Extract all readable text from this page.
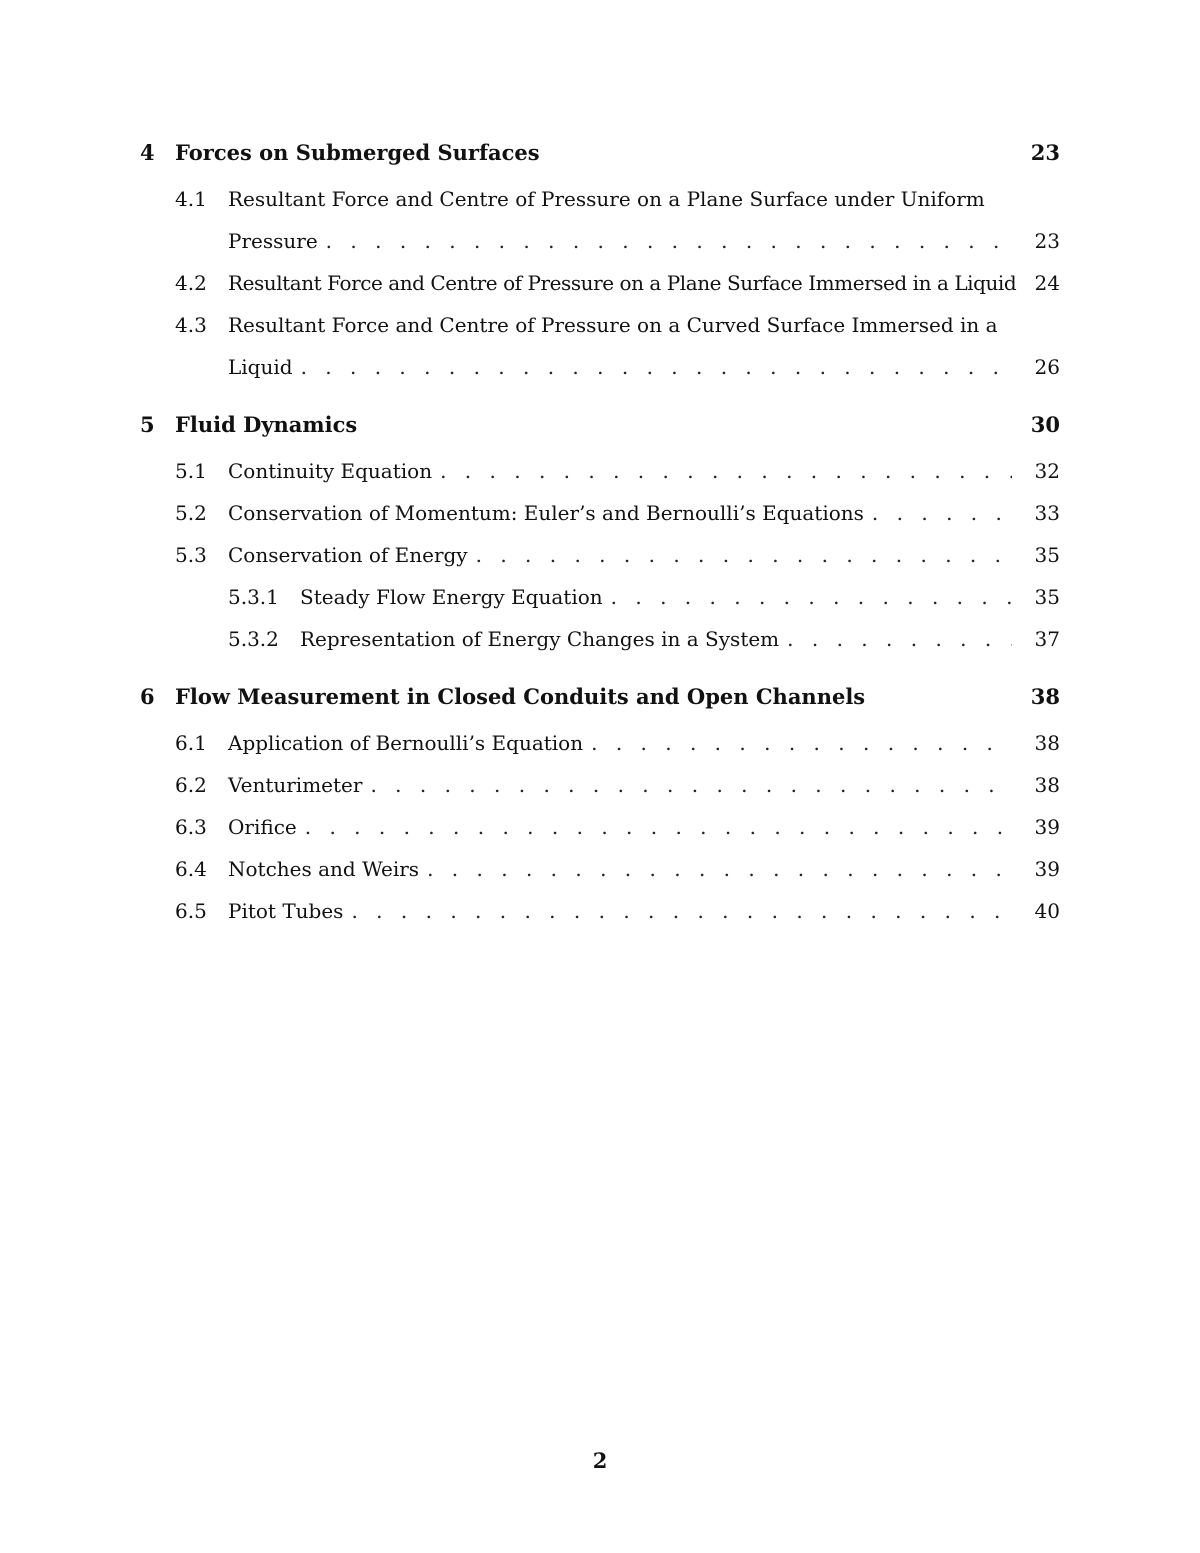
4 Forces on Submerged Surfaces	23
4.1	Resultant Force and Centre of Pressure on a Plane Surface under Uniform
Pressure . . .	23
4.2	Resultant Force and Centre of Pressure on a Plane Surface Immersed in a Liquid 24
4.3	Resultant Force and Centre of Pressure on a Curved Surface Immersed in a
Liquid . . .	26
5 Fluid Dynamics	30
5.1	Continuity Equation . . .	32
5.2	Conservation of Momentum: Euler’s and Bernoulli’s Equations . . .	33
5.3	Conservation of Energy . . .	35
5.3.1	Steady Flow Energy Equation . . .	35
5.3.2	Representation of Energy Changes in a System . . .	37
6 Flow Measurement in Closed Conduits and Open Channels	38
6.1	Application of Bernoulli’s Equation . . .	38
6.2	Venturimeter . . .	38
6.3	Orifice . . .	39
6.4	Notches and Weirs . . .	39
6.5	Pitot Tubes . . .	40
2
